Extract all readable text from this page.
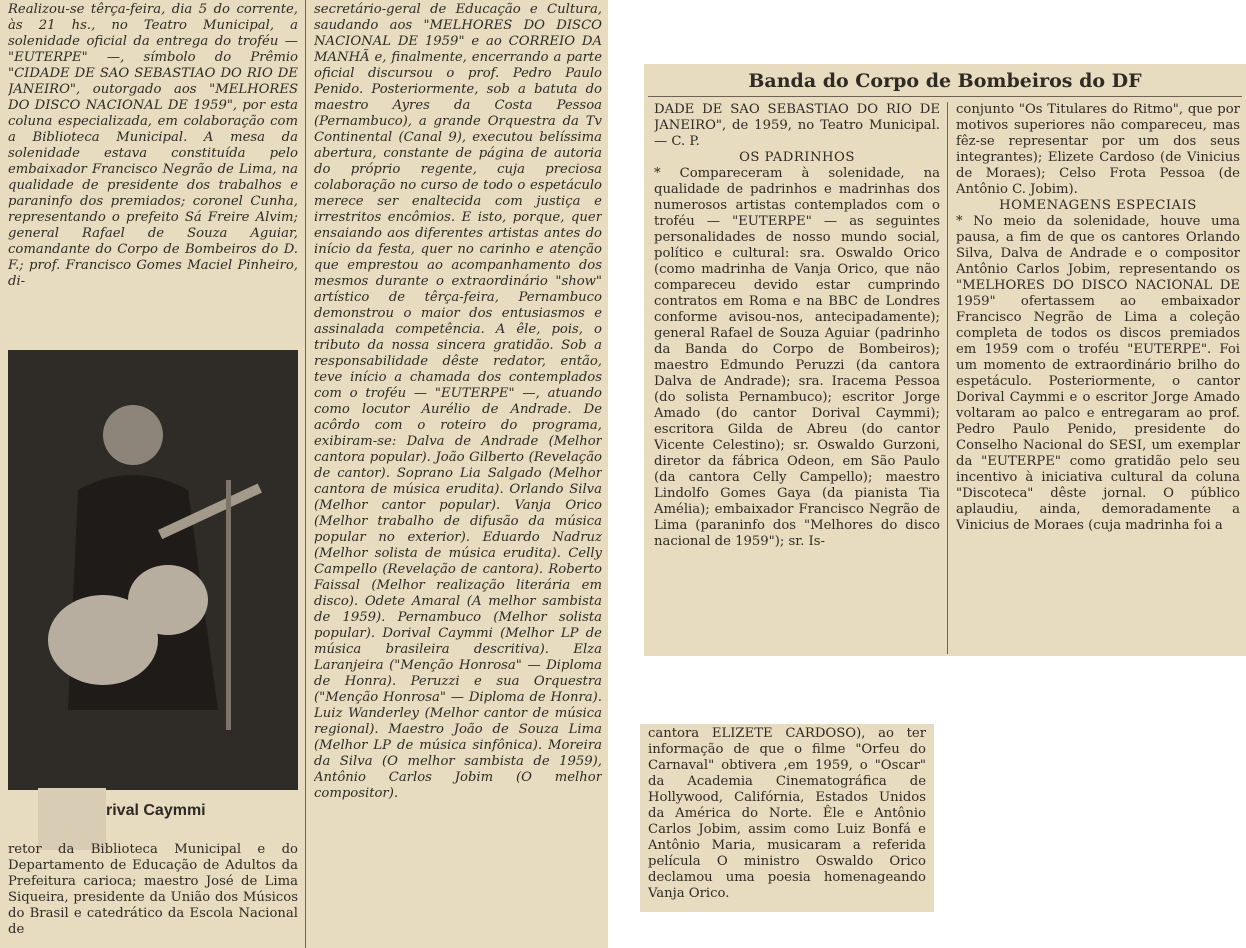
Realizou-se têrça-feira, dia 5 do corrente, às 21 hs., no Teatro Municipal, a solenidade oficial da entrega do troféu — "EUTERPE" —, símbolo do Prêmio "CIDADE DE SAO SEBASTIAO DO RIO DE JANEIRO", outorgado aos "MELHORES DO DISCO NACIONAL DE 1959", por esta coluna especializada, em colaboração com a Biblioteca Municipal. A mesa da solenidade estava constituída pelo embaixador Francisco Negrão de Lima, na qualidade de presidente dos trabalhos e paraninfo dos premiados; coronel Cunha, representando o prefeito Sá Freire Alvim; general Rafael de Souza Aguiar, comandante do Corpo de Bombeiros do D. F.; prof. Francisco Gomes Maciel Pinheiro, di-

rival Caymmi

retor da Biblioteca Municipal e do Departamento de Educação de Adultos da Prefeitura carioca; maestro José de Lima Siqueira, presidente da União dos Músicos do Brasil e catedrático da Escola Nacional de

secretário-geral de Educação e Cultura, saudando aos "MELHORES DO DISCO NACIONAL DE 1959" e ao CORREIO DA MANHÃ e, finalmente, encerrando a parte oficial discursou o prof. Pedro Paulo Penido. Posteriormente, sob a batuta do maestro Ayres da Costa Pessoa (Pernambuco), a grande Orquestra da Tv Continental (Canal 9), executou belíssima abertura, constante de página de autoria do próprio regente, cuja preciosa colaboração no curso de todo o espetáculo merece ser enaltecida com justiça e irrestritos encômios. E isto, porque, quer ensaiando aos diferentes artistas antes do início da festa, quer no carinho e atenção que emprestou ao acompanhamento dos mesmos durante o extraordinário "show" artístico de têrça-feira, Pernambuco demonstrou o maior dos entusiasmos e assinalada competência. A êle, pois, o tributo da nossa sincera gratidão. Sob a responsabilidade dêste redator, então, teve início a chamada dos contemplados com o troféu — "EUTERPE" —, atuando como locutor Aurélio de Andrade. De acôrdo com o roteiro do programa, exibiram-se: Dalva de Andrade (Melhor cantora popular). João Gilberto (Revelação de cantor). Soprano Lia Salgado (Melhor cantora de música erudita). Orlando Silva (Melhor cantor popular). Vanja Orico (Melhor trabalho de difusão da música popular no exterior). Eduardo Nadruz (Melhor solista de música erudita). Celly Campello (Revelação de cantora). Roberto Faissal (Melhor realização literária em disco). Odete Amaral (A melhor sambista de 1959). Pernambuco (Melhor solista popular). Dorival Caymmi (Melhor LP de música brasileira descritiva). Elza Laranjeira ("Menção Honrosa" — Diploma de Honra). Peruzzi e sua Orquestra ("Menção Honrosa" — Diploma de Honra). Luiz Wanderley (Melhor cantor de música regional). Maestro João de Souza Lima (Melhor LP de música sinfônica). Moreira da Silva (O melhor sambista de 1959), Antônio Carlos Jobim (O melhor compositor).

Banda do Corpo de Bombeiros do DF

DADE DE SAO SEBASTIAO DO RIO DE JANEIRO", de 1959, no Teatro Municipal. — C. P.

OS PADRINHOS

* Compareceram à solenidade, na qualidade de padrinhos e madrinhas dos numerosos artistas contemplados com o troféu — "EUTERPE" — as seguintes personalidades de nosso mundo social, político e cultural: sra. Oswaldo Orico (como madrinha de Vanja Orico, que não compareceu devido estar cumprindo contratos em Roma e na BBC de Londres conforme avisou-nos, antecipadamente); general Rafael de Souza Aguiar (padrinho da Banda do Corpo de Bombeiros); maestro Edmundo Peruzzi (da cantora Dalva de Andrade); sra. Iracema Pessoa (do solista Pernambuco); escritor Jorge Amado (do cantor Dorival Caymmi); escritora Gilda de Abreu (do cantor Vicente Celestino); sr. Oswaldo Gurzoni, diretor da fábrica Odeon, em São Paulo (da cantora Celly Campello); maestro Lindolfo Gomes Gaya (da pianista Tia Amélia); embaixador Francisco Negrão de Lima (paraninfo dos "Melhores do disco nacional de 1959"); sr. Is-

conjunto "Os Titulares do Ritmo", que por motivos superiores não compareceu, mas fêz-se representar por um dos seus integrantes); Elizete Cardoso (de Vinicius de Moraes); Celso Frota Pessoa (de Antônio C. Jobim).

HOMENAGENS ESPECIAIS

* No meio da solenidade, houve uma pausa, a fim de que os cantores Orlando Silva, Dalva de Andrade e o compositor Antônio Carlos Jobim, representando os "MELHORES DO DISCO NACIONAL DE 1959" ofertassem ao embaixador Francisco Negrão de Lima a coleção completa de todos os discos premiados em 1959 com o troféu "EUTERPE". Foi um momento de extraordinário brilho do espetáculo. Posteriormente, o cantor Dorival Caymmi e o escritor Jorge Amado voltaram ao palco e entregaram ao prof. Pedro Paulo Penido, presidente do Conselho Nacional do SESI, um exemplar da "EUTERPE" como gratidão pelo seu incentivo à iniciativa cultural da coluna "Discoteca" dêste jornal. O público aplaudiu, ainda, demoradamente a Vinicius de Moraes (cuja madrinha foi a

cantora ELIZETE CARDOSO), ao ter informação de que o filme "Orfeu do Carnaval" obtivera ,em 1959, o "Oscar" da Academia Cinematográfica de Hollywood, Califórnia, Estados Unidos da América do Norte. Êle e Antônio Carlos Jobim, assim como Luiz Bonfá e Antônio Maria, musicaram a referida película O ministro Oswaldo Orico declamou uma poesia homenageando Vanja Orico.
